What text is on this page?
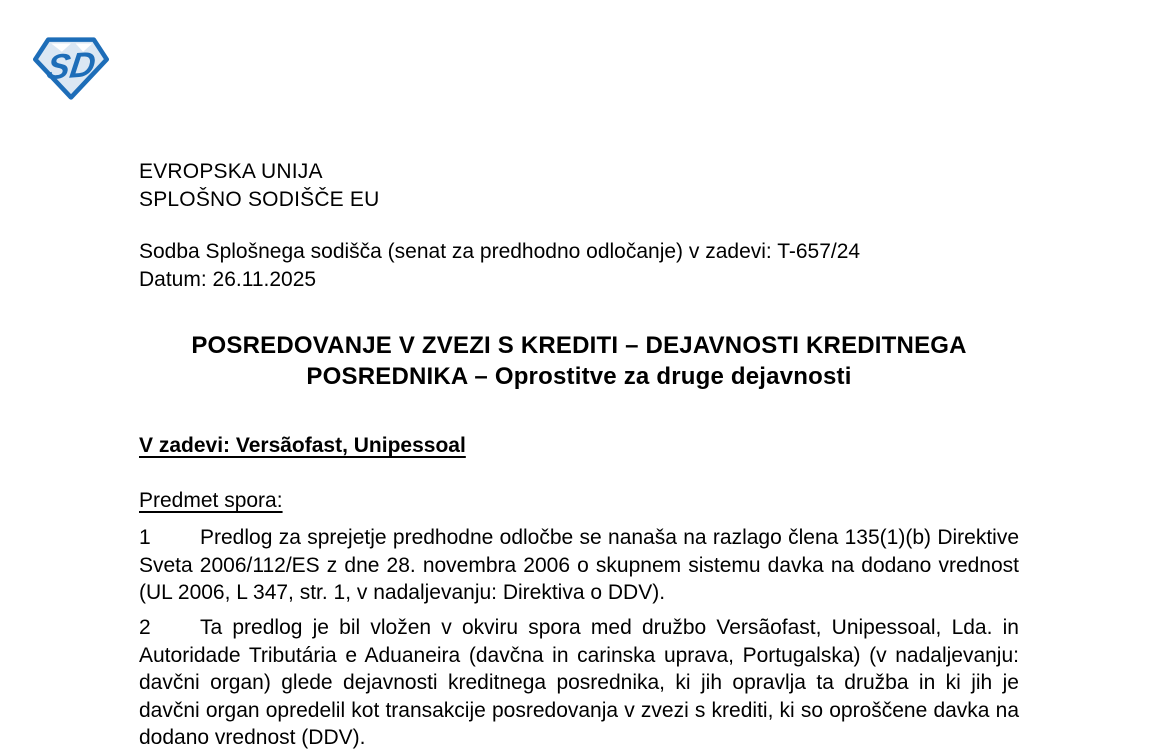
SD
EVROPSKA UNIJA
SPLOŠNO SODIŠČE EU
Sodba Splošnega sodišča (senat za predhodno odločanje) v zadevi: T-657/24
Datum: 26.11.2025
POSREDOVANJE V ZVEZI S KREDITI – DEJAVNOSTI KREDITNEGA POSREDNIKA – Oprostitve za druge dejavnosti
V zadevi: Versãofast, Unipessoal
Predmet spora:

1 Predlog za sprejetje predhodne odločbe se nanaša na razlago člena 135(1)(b) Direktive Sveta 2006/112/ES z dne 28. novembra 2006 o skupnem sistemu davka na dodano vrednost (UL 2006, L 347, str. 1, v nadaljevanju: Direktiva o DDV).

2 Ta predlog je bil vložen v okviru spora med družbo Versãofast, Unipessoal, Lda. in Autoridade Tributária e Aduaneira (davčna in carinska uprava, Portugalska) (v nadaljevanju: davčni organ) glede dejavnosti kreditnega posrednika, ki jih opravlja ta družba in ki jih je davčni organ opredelil kot transakcije posredovanja v zvezi s krediti, ki so oproščene davka na dodano vrednost (DDV).
